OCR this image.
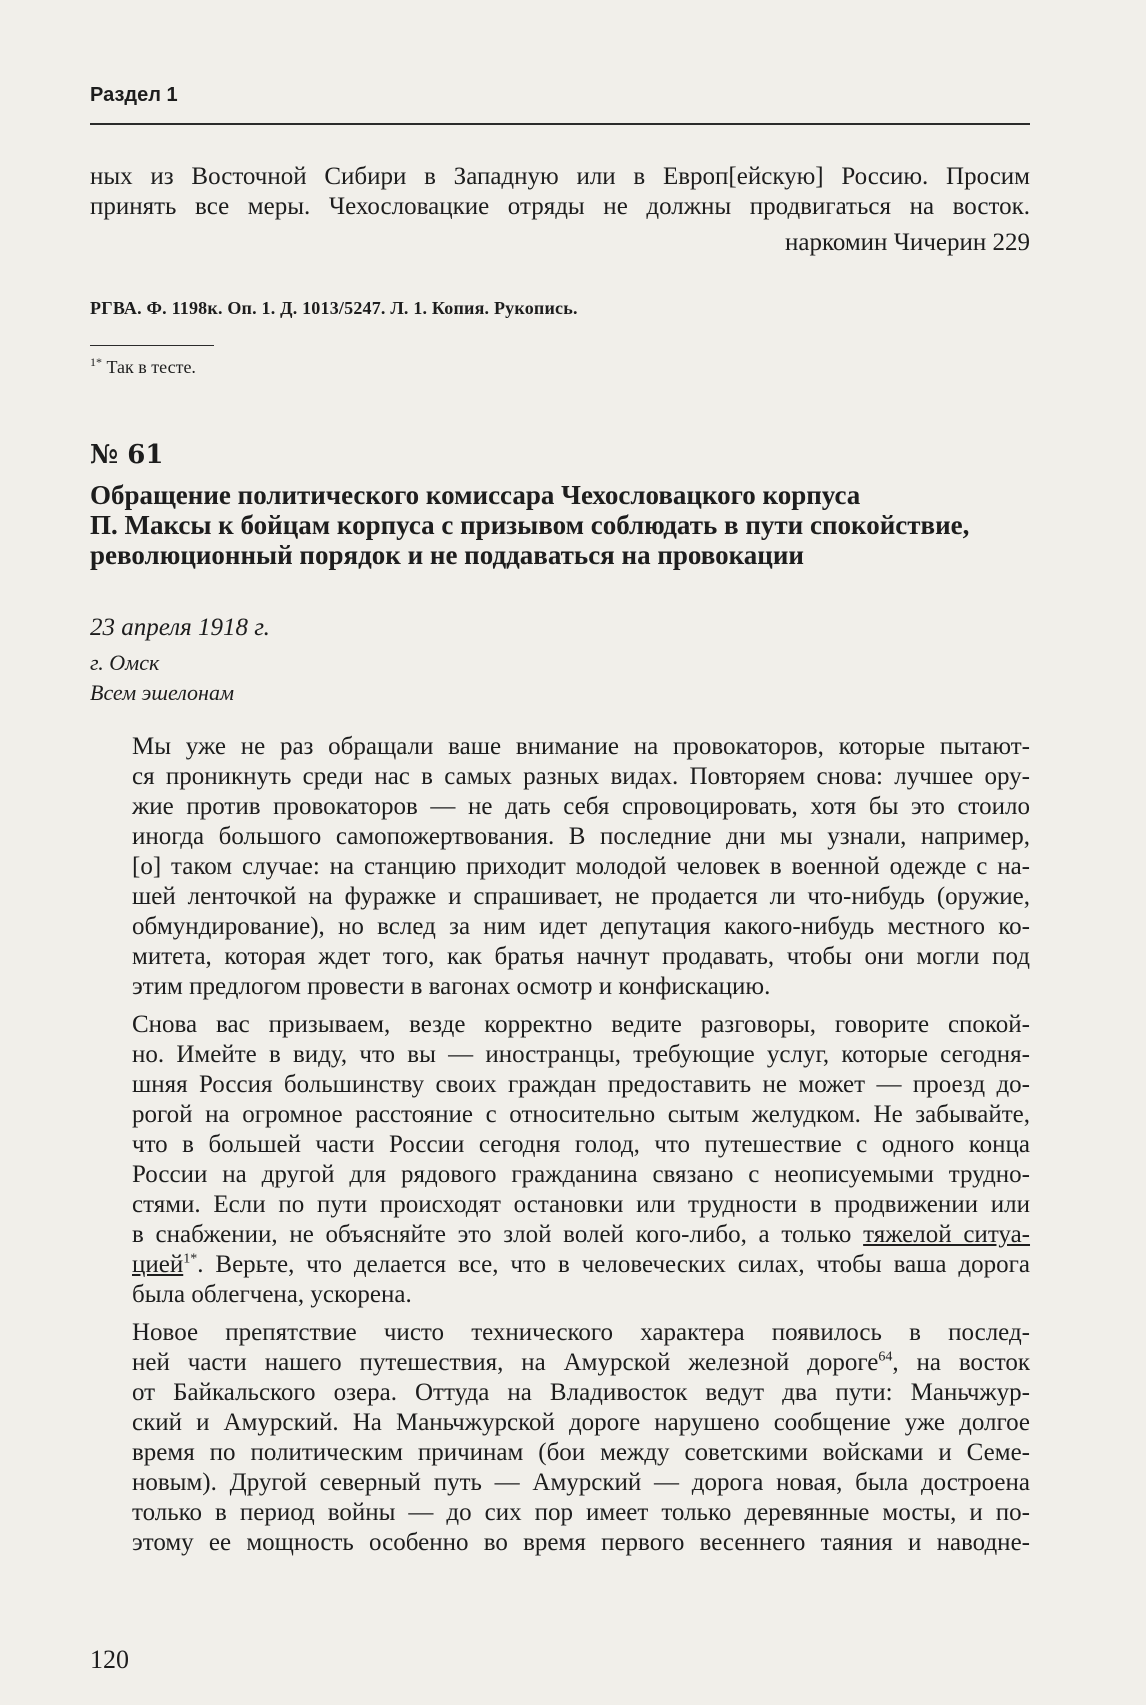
Раздел 1

ных из Восточной Сибири в Западную или в Европ[ейскую] Россию. Просим
принять все меры. Чехословацкие отряды не должны продвигаться на восток.

наркомин Чичерин 229
РГВА. Ф. 1198к. Оп. 1. Д. 1013/5247. Л. 1. Копия. Рукопись.
$^{1*}$ Так в тесте.
№ 61
Обращение политического комиссара Чехословацкого корпуса
П. Максы к бойцам корпуса с призывом соблюдать в пути спокойствие,
революционный порядок и не поддаваться на провокации
23 апреля 1918 г.
г. Омск
Всем эшелонам

Мы уже не раз обращали ваше внимание на провокаторов, которые пытают-
ся проникнуть среди нас в самых разных видах. Повторяем снова: лучшее ору-
жие против провокаторов — не дать себя спровоцировать, хотя бы это стоило
иногда большого самопожертвования. В последние дни мы узнали, например,
[о] таком случае: на станцию приходит молодой человек в военной одежде с на-
шей ленточкой на фуражке и спрашивает, не продается ли что-нибудь (оружие,
обмундирование), но вслед за ним идет депутация какого-нибудь местного ко-
митета, которая ждет того, как братья начнут продавать, чтобы они могли под
этим предлогом провести в вагонах осмотр и конфискацию.

Снова вас призываем, везде корректно ведите разговоры, говорите спокой-
но. Имейте в виду, что вы — иностранцы, требующие услуг, которые сегодня-
шняя Россия большинству своих граждан предоставить не может — проезд до-
рогой на огромное расстояние с относительно сытым желудком. Не забывайте,
что в большей части России сегодня голод, что путешествие с одного конца
России на другой для рядового гражданина связано с неописуемыми трудно-
стями. Если по пути происходят остановки или трудности в продвижении или
в снабжении, не объясняйте это злой волей кого-либо, а только тяжелой ситуа-
цией$^{1*}$. Верьте, что делается все, что в человеческих силах, чтобы ваша дорога
была облегчена, ускорена.

Новое препятствие чисто технического характера появилось в послед-
ней части нашего путешествия, на Амурской железной дороге$^{64}$, на восток
от Байкальского озера. Оттуда на Владивосток ведут два пути: Маньчжур-
ский и Амурский. На Маньчжурской дороге нарушено сообщение уже долгое
время по политическим причинам (бои между советскими войсками и Семе-
новым). Другой северный путь — Амурский — дорога новая, была достроена
только в период войны — до сих пор имеет только деревянные мосты, и по-
этому ее мощность особенно во время первого весеннего таяния и наводне-

120
